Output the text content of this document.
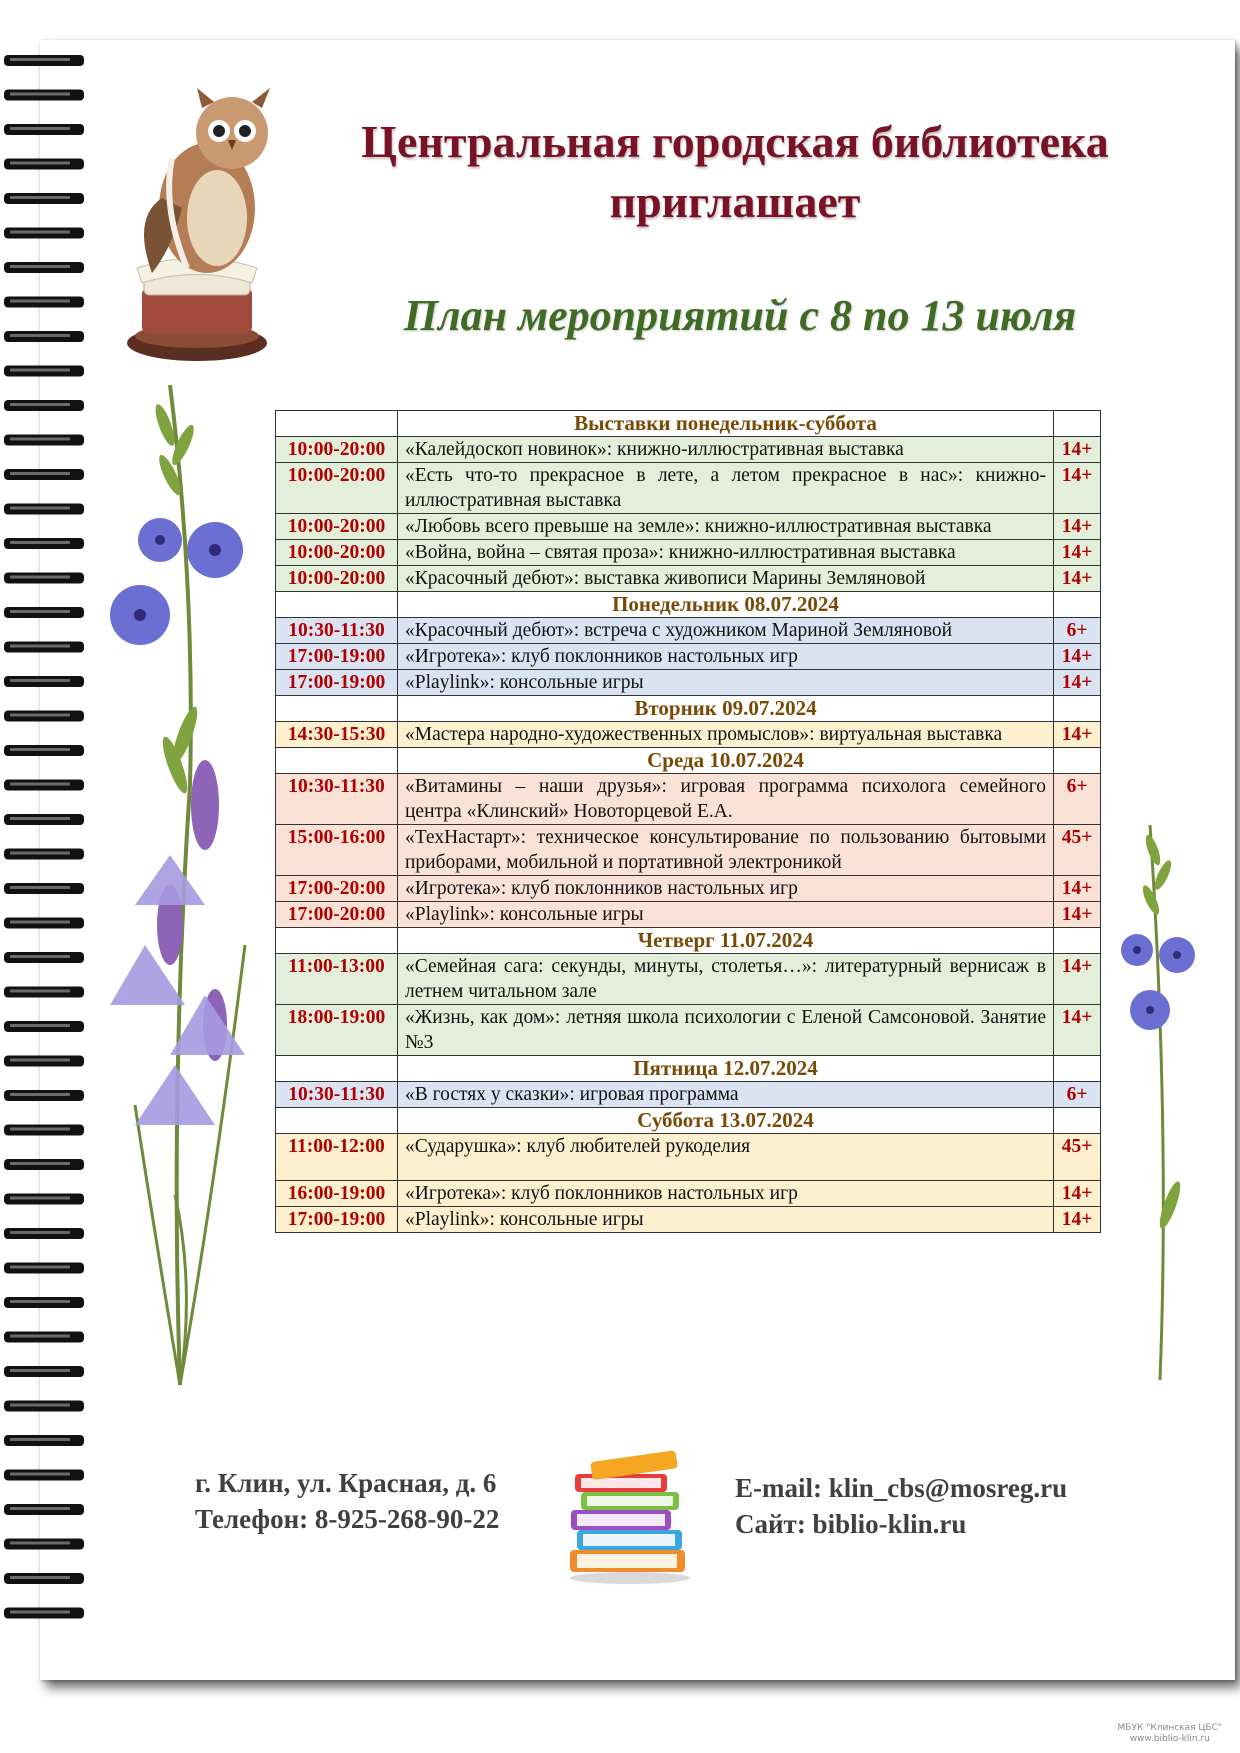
Центральная городская библиотека
приглашает
План мероприятий с 8 по 13 июля
	Выставки понедельник-суббота	
10:00-20:00	«Калейдоскоп новинок»: книжно-иллюстративная выставка	14+
10:00-20:00	«Есть что-то прекрасное в лете, а летом прекрасное в нас»: книжно-иллюстративная выставка	14+
10:00-20:00	«Любовь всего превыше на земле»: книжно-иллюстративная выставка	14+
10:00-20:00	«Война, война – святая проза»: книжно-иллюстративная выставка	14+
10:00-20:00	«Красочный дебют»: выставка живописи Марины Земляновой	14+
	Понедельник 08.07.2024	
10:30-11:30	«Красочный дебют»: встреча с художником Мариной Земляновой	6+
17:00-19:00	«Игротека»: клуб поклонников настольных игр	14+
17:00-19:00	«Playlink»: консольные игры	14+
	Вторник 09.07.2024	
14:30-15:30	«Мастера народно-художественных промыслов»: виртуальная выставка	14+
	Среда 10.07.2024	
10:30-11:30	«Витамины – наши друзья»: игровая программа психолога семейного центра «Клинский» Новоторцевой Е.А.	6+
15:00-16:00	«ТехНастарт»: техническое консультирование по пользованию бытовыми приборами, мобильной и портативной электроникой	45+
17:00-20:00	«Игротека»: клуб поклонников настольных игр	14+
17:00-20:00	«Playlink»: консольные игры	14+
	Четверг 11.07.2024	
11:00-13:00	«Семейная сага: секунды, минуты, столетья…»: литературный вернисаж в летнем читальном зале	14+
18:00-19:00	«Жизнь, как дом»: летняя школа психологии с Еленой Самсоновой. Занятие №3	14+
	Пятница 12.07.2024	
10:30-11:30	«В гостях у сказки»: игровая программа	6+
	Суббота 13.07.2024	
11:00-12:00	«Сударушка»: клуб любителей рукоделия	45+
16:00-19:00	«Игротека»: клуб поклонников настольных игр	14+
17:00-19:00	«Playlink»: консольные игры	14+
г. Клин, ул. Красная, д. 6
Телефон: 8-925-268-90-22
E-mail: klin_cbs@mosreg.ru
Сайт: biblio-klin.ru
МБУК "Клинская ЦБС"
www.biblio-klin.ru
